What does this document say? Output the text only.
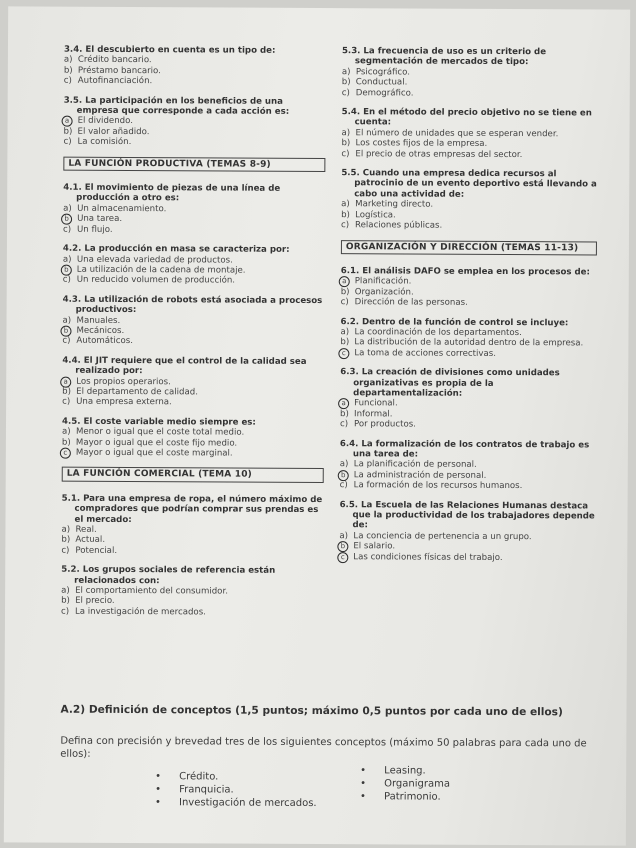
3.4. El descubierto en cuenta es un tipo de:
a) Crédito bancario.
b) Préstamo bancario.
c) Autofinanciación.
3.5. La participación en los beneficios de una empresa que corresponde a cada acción es:
a El dividendo.
b) El valor añadido.
c) La comisión.
LA FUNCIÓN PRODUCTIVA (TEMAS 8-9)
4.1. El movimiento de piezas de una línea de producción a otro es:
a) Un almacenamiento.
b Una tarea.
c) Un flujo.
4.2. La producción en masa se caracteriza por:
a) Una elevada variedad de productos.
b La utilización de la cadena de montaje.
c) Un reducido volumen de producción.
4.3. La utilización de robots está asociada a procesos productivos:
a) Manuales.
b Mecánicos.
c) Automáticos.
4.4. El JIT requiere que el control de la calidad sea realizado por:
a Los propios operarios.
b) El departamento de calidad.
c) Una empresa externa.
4.5. El coste variable medio siempre es:
a) Menor o igual que el coste total medio.
b) Mayor o igual que el coste fijo medio.
c Mayor o igual que el coste marginal.
LA FUNCIÓN COMERCIAL (TEMA 10)
5.1. Para una empresa de ropa, el número máximo de compradores que podrían comprar sus prendas es el mercado:
a) Real.
b) Actual.
c) Potencial.
5.2. Los grupos sociales de referencia están relacionados con:
a) El comportamiento del consumidor.
b) El precio.
c) La investigación de mercados.
5.3. La frecuencia de uso es un criterio de segmentación de mercados de tipo:
a) Psicográfico.
b) Conductual.
c) Demográfico.
5.4. En el método del precio objetivo no se tiene en cuenta:
a) El número de unidades que se esperan vender.
b) Los costes fijos de la empresa.
c) El precio de otras empresas del sector.
5.5. Cuando una empresa dedica recursos al patrocinio de un evento deportivo está llevando a cabo una actividad de:
a) Marketing directo.
b) Logística.
c) Relaciones públicas.
ORGANIZACIÓN Y DIRECCIÓN (TEMAS 11-13)
6.1. El análisis DAFO se emplea en los procesos de:
a Planificación.
b) Organización.
c) Dirección de las personas.
6.2. Dentro de la función de control se incluye:
a) La coordinación de los departamentos.
b) La distribución de la autoridad dentro de la empresa.
c La toma de acciones correctivas.
6.3. La creación de divisiones como unidades organizativas es propia de la departamentalización:
a Funcional.
b) Informal.
c) Por productos.
6.4. La formalización de los contratos de trabajo es una tarea de:
a) La planificación de personal.
b La administración de personal.
c) La formación de los recursos humanos.
6.5. La Escuela de las Relaciones Humanas destaca que la productividad de los trabajadores depende de:
a) La conciencia de pertenencia a un grupo.
b El salario.
c Las condiciones físicas del trabajo.
A.2) Definición de conceptos (1,5 puntos; máximo 0,5 puntos por cada uno de ellos)
Defina con precisión y brevedad tres de los siguientes conceptos (máximo 50 palabras para cada uno de ellos):
• Crédito.
• Franquicia.
• Investigación de mercados.
• Leasing.
• Organigrama
• Patrimonio.
